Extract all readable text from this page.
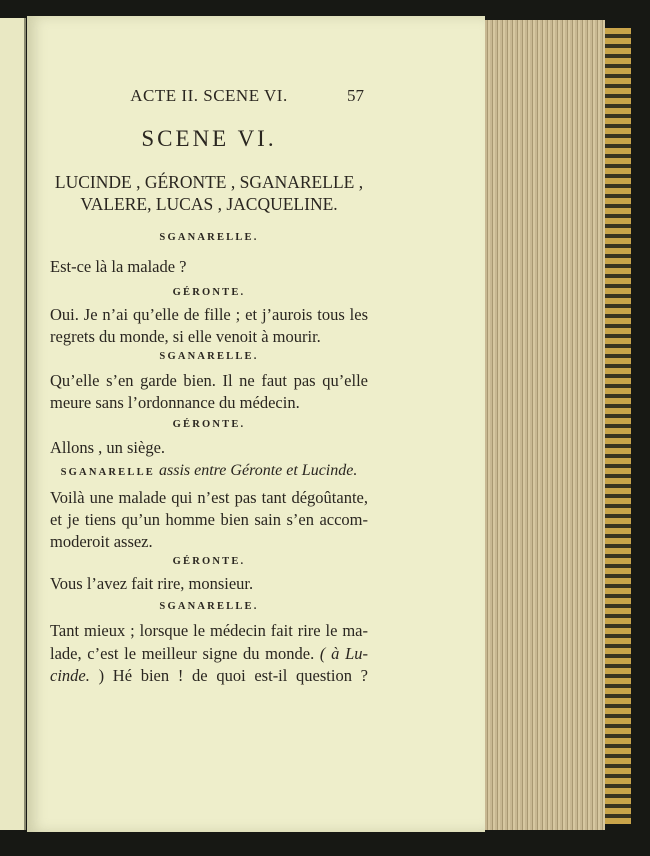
ACTE II. SCENE VI.	57
SCENE VI.
LUCINDE , GÉRONTE , SGANARELLE ,
VALERE, LUCAS , JACQUELINE.
SGANARELLE.
Est-ce là la malade ?
GÉRONTE.
Oui. Je n’ai qu’elle de fille ; et j’aurois tous les
regrets du monde, si elle venoit à mourir.
SGANARELLE.
Qu’elle s’en garde bien. Il ne faut pas qu’elle
meure sans l’ordonnance du médecin.
GÉRONTE.
Allons , un siège.
SGANARELLE assis entre Géronte et Lucinde.
Voilà une malade qui n’est pas tant dégoûtante,
et je tiens qu’un homme bien sain s’en accom-
moderoit assez.
GÉRONTE.
Vous l’avez fait rire, monsieur.
SGANARELLE.
Tant mieux ; lorsque le médecin fait rire le ma-
lade, c’est le meilleur signe du monde. ( à Lu-
cinde. ) Hé bien ! de quoi est-il question ?
